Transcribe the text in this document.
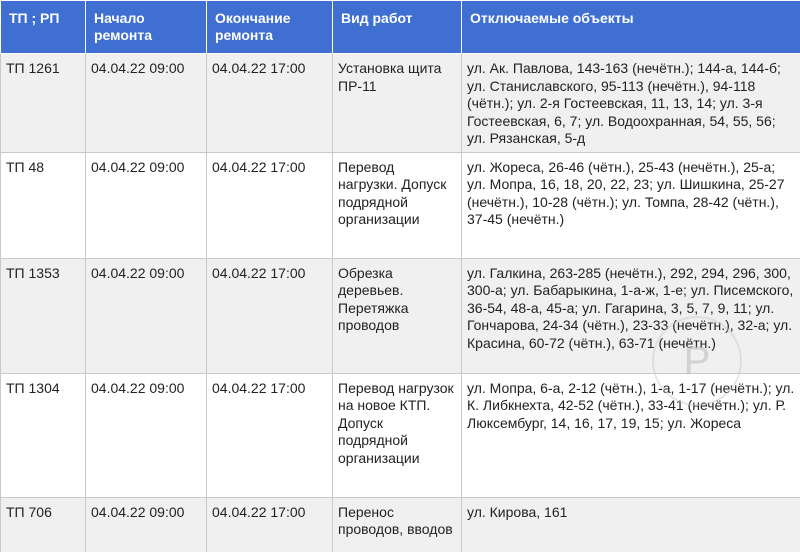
ТП ; РП	Начало ремонта	Окончание ремонта	Вид работ	Отключаемые объекты
ТП 1261	04.04.22 09:00	04.04.22 17:00	Установка щита ПР-11	ул. Ак. Павлова, 143-163 (нечётн.); 144-а, 144-б; ул. Станиславского, 95-113 (нечётн.), 94-118 (чётн.); ул. 2-я Гостеевская, 11, 13, 14; ул. 3-я Гостеевская, 6, 7; ул. Водоохранная, 54, 55, 56; ул. Рязанская, 5-д
ТП 48	04.04.22 09:00	04.04.22 17:00	Перевод нагрузки. Допуск подрядной организации	ул. Жореса, 26-46 (чётн.), 25-43 (нечётн.), 25-а; ул. Мопра, 16, 18, 20, 22, 23; ул. Шишкина, 25-27 (нечётн.), 10-28 (чётн.); ул. Томпа, 28-42 (чётн.), 37-45 (нечётн.)
ТП 1353	04.04.22 09:00	04.04.22 17:00	Обрезка деревьев. Перетяжка проводов	ул. Галкина, 263-285 (нечётн.), 292, 294, 296, 300, 300-а; ул. Бабарыкина, 1-а-ж, 1-е; ул. Писемского, 36-54, 48-а, 45-а; ул. Гагарина, 3, 5, 7, 9, 11; ул. Гончарова, 24-34 (чётн.), 23-33 (нечётн.), 32-а; ул. Красина, 60-72 (чётн.), 63-71 (нечётн.)
ТП 1304	04.04.22 09:00	04.04.22 17:00	Перевод нагрузок на новое КТП. Допуск подрядной организации	ул. Мопра, 6-а, 2-12 (чётн.), 1-а, 1-17 (нечётн.); ул. К. Либкнехта, 42-52 (чётн.), 33-41 (нечётн.); ул. Р. Люксембург, 14, 16, 17, 19, 15; ул. Жореса
ТП 706	04.04.22 09:00	04.04.22 17:00	Перенос проводов, вводов	ул. Кирова, 161
P
